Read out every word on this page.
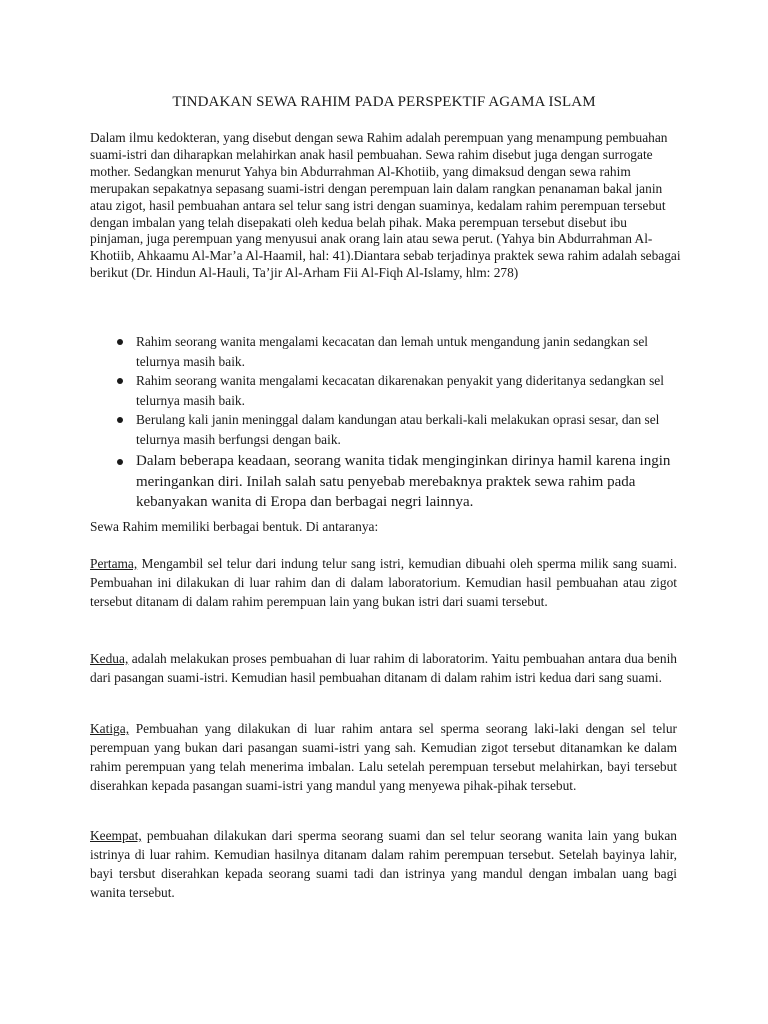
TINDAKAN SEWA RAHIM PADA PERSPEKTIF AGAMA ISLAM

Dalam ilmu kedokteran, yang disebut dengan sewa Rahim adalah perempuan yang menampung pembuahan suami-istri dan diharapkan melahirkan anak hasil pembuahan. Sewa rahim disebut juga dengan surrogate mother. Sedangkan menurut Yahya bin Abdurrahman Al-Khotiib, yang dimaksud dengan sewa rahim merupakan sepakatnya sepasang suami-istri dengan perempuan lain dalam rangkan penanaman bakal janin atau zigot, hasil pembuahan antara sel telur sang istri dengan suaminya, kedalam rahim perempuan tersebut dengan imbalan yang telah disepakati oleh kedua belah pihak. Maka perempuan tersebut disebut ibu pinjaman, juga perempuan yang menyusui anak orang lain atau sewa perut. (Yahya bin Abdurrahman Al-Khotiib, Ahkaamu Al-Mar’a Al-Haamil, hal: 41).Diantara sebab terjadinya praktek sewa rahim adalah sebagai berikut (Dr. Hindun Al-Hauli, Ta’jir Al-Arham Fii Al-Fiqh Al-Islamy, hlm: 278)

Rahim seorang wanita mengalami kecacatan dan lemah untuk mengandung janin sedangkan sel telurnya masih baik.
Rahim seorang wanita mengalami kecacatan dikarenakan penyakit yang dideritanya sedangkan sel telurnya masih baik.
Berulang kali janin meninggal dalam kandungan atau berkali-kali melakukan oprasi sesar, dan sel telurnya masih berfungsi dengan baik.
Dalam beberapa keadaan, seorang wanita tidak menginginkan dirinya hamil karena ingin meringankan diri. Inilah salah satu penyebab merebaknya praktek sewa rahim pada kebanyakan wanita di Eropa dan berbagai negri lainnya.

Sewa Rahim memiliki berbagai bentuk. Di antaranya:

Pertama, Mengambil sel telur dari indung telur sang istri, kemudian dibuahi oleh sperma milik sang suami. Pembuahan ini dilakukan di luar rahim dan di dalam laboratorium. Kemudian hasil pembuahan atau zigot tersebut ditanam di dalam rahim perempuan lain yang bukan istri dari suami tersebut.

Kedua, adalah melakukan proses pembuahan di luar rahim di laboratorim. Yaitu pembuahan antara dua benih dari pasangan suami-istri. Kemudian hasil pembuahan ditanam di dalam rahim istri kedua dari sang suami.

Katiga, Pembuahan yang dilakukan di luar rahim antara sel sperma seorang laki-laki dengan sel telur perempuan yang bukan dari pasangan suami-istri yang sah. Kemudian zigot tersebut ditanamkan ke dalam rahim perempuan yang telah menerima imbalan. Lalu setelah perempuan tersebut melahirkan, bayi tersebut diserahkan kepada pasangan suami-istri yang mandul yang menyewa pihak-pihak tersebut.

Keempat, pembuahan dilakukan dari sperma seorang suami dan sel telur seorang wanita lain yang bukan istrinya di luar rahim. Kemudian hasilnya ditanam dalam rahim perempuan tersebut. Setelah bayinya lahir, bayi tersbut diserahkan kepada seorang suami tadi dan istrinya yang mandul dengan imbalan uang bagi wanita tersebut.
